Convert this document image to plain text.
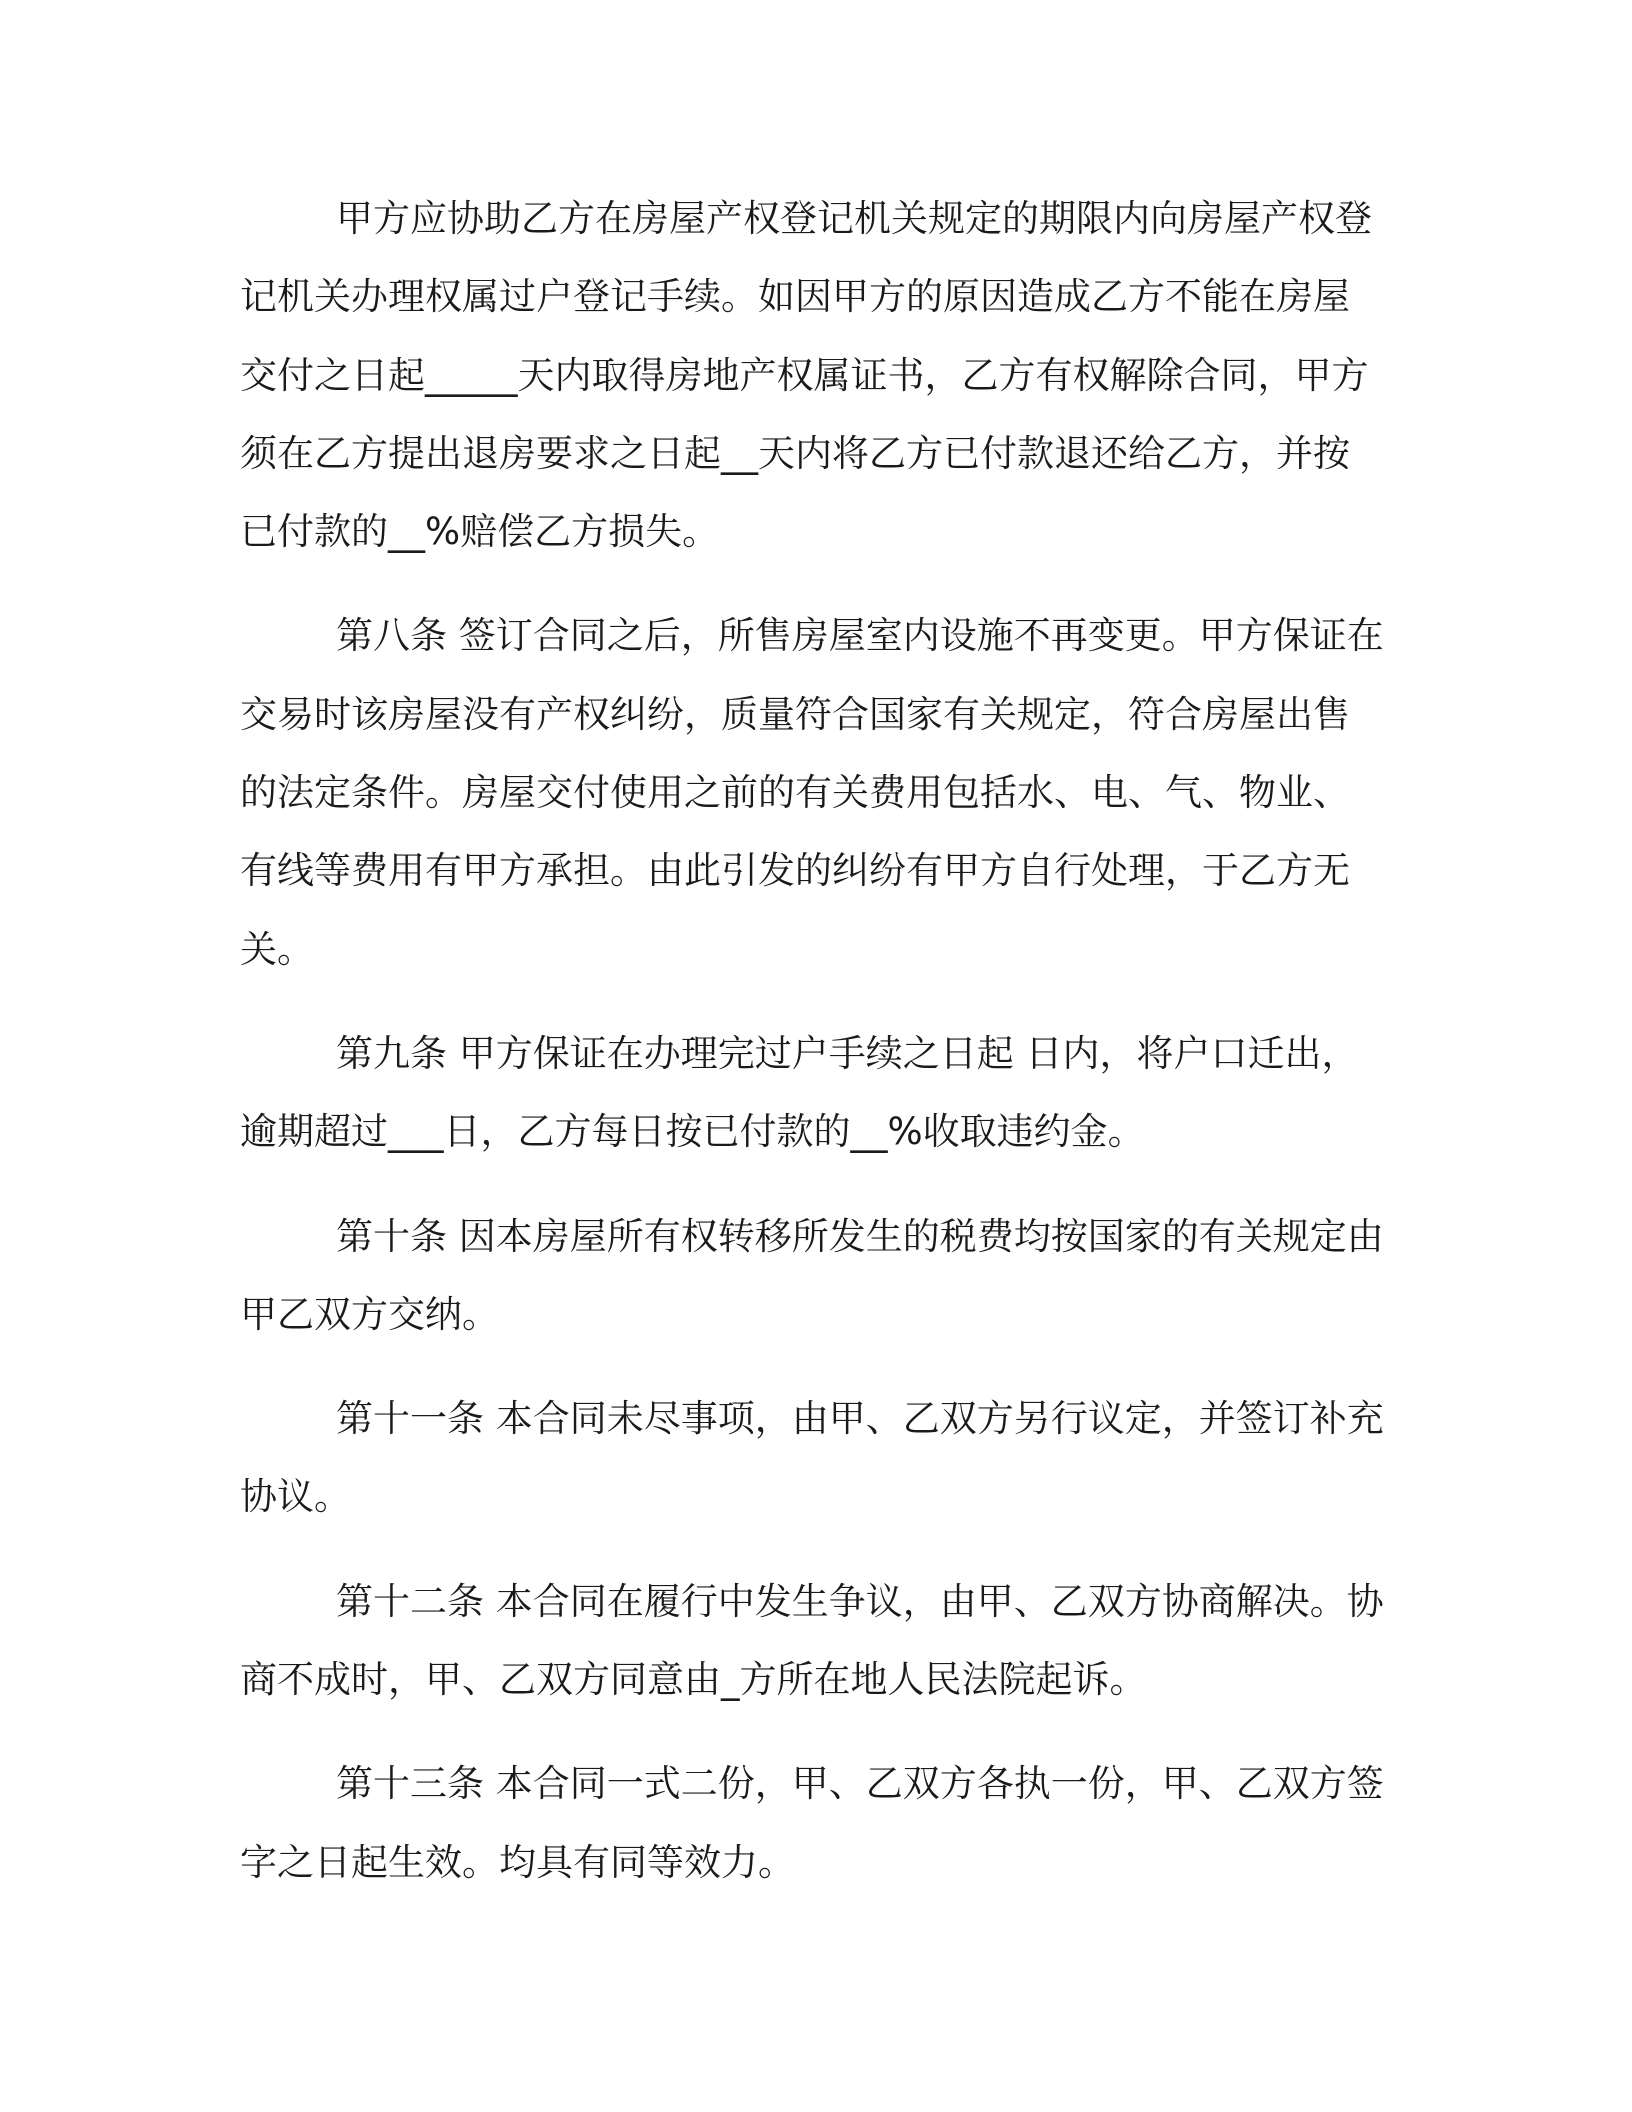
甲方应协助乙方在房屋产权登记机关规定的期限内向房屋产权登
记机关办理权属过户登记手续。如因甲方的原因造成乙方不能在房屋
交付之日起_____天内取得房地产权属证书，乙方有权解除合同，甲方
须在乙方提出退房要求之日起__天内将乙方已付款退还给乙方，并按
已付款的__%赔偿乙方损失。

第八条 签订合同之后，所售房屋室内设施不再变更。甲方保证在
交易时该房屋没有产权纠纷，质量符合国家有关规定，符合房屋出售
的法定条件。房屋交付使用之前的有关费用包括水、电、气、物业、
有线等费用有甲方承担。由此引发的纠纷有甲方自行处理，于乙方无
关。

第九条 甲方保证在办理完过户手续之日起 日内，将户口迁出，
逾期超过___日，乙方每日按已付款的__%收取违约金。

第十条 因本房屋所有权转移所发生的税费均按国家的有关规定由
甲乙双方交纳。

第十一条 本合同未尽事项，由甲、乙双方另行议定，并签订补充
协议。

第十二条 本合同在履行中发生争议，由甲、乙双方协商解决。协
商不成时，甲、乙双方同意由_方所在地人民法院起诉。

第十三条 本合同一式二份，甲、乙双方各执一份，甲、乙双方签
字之日起生效。均具有同等效力。
